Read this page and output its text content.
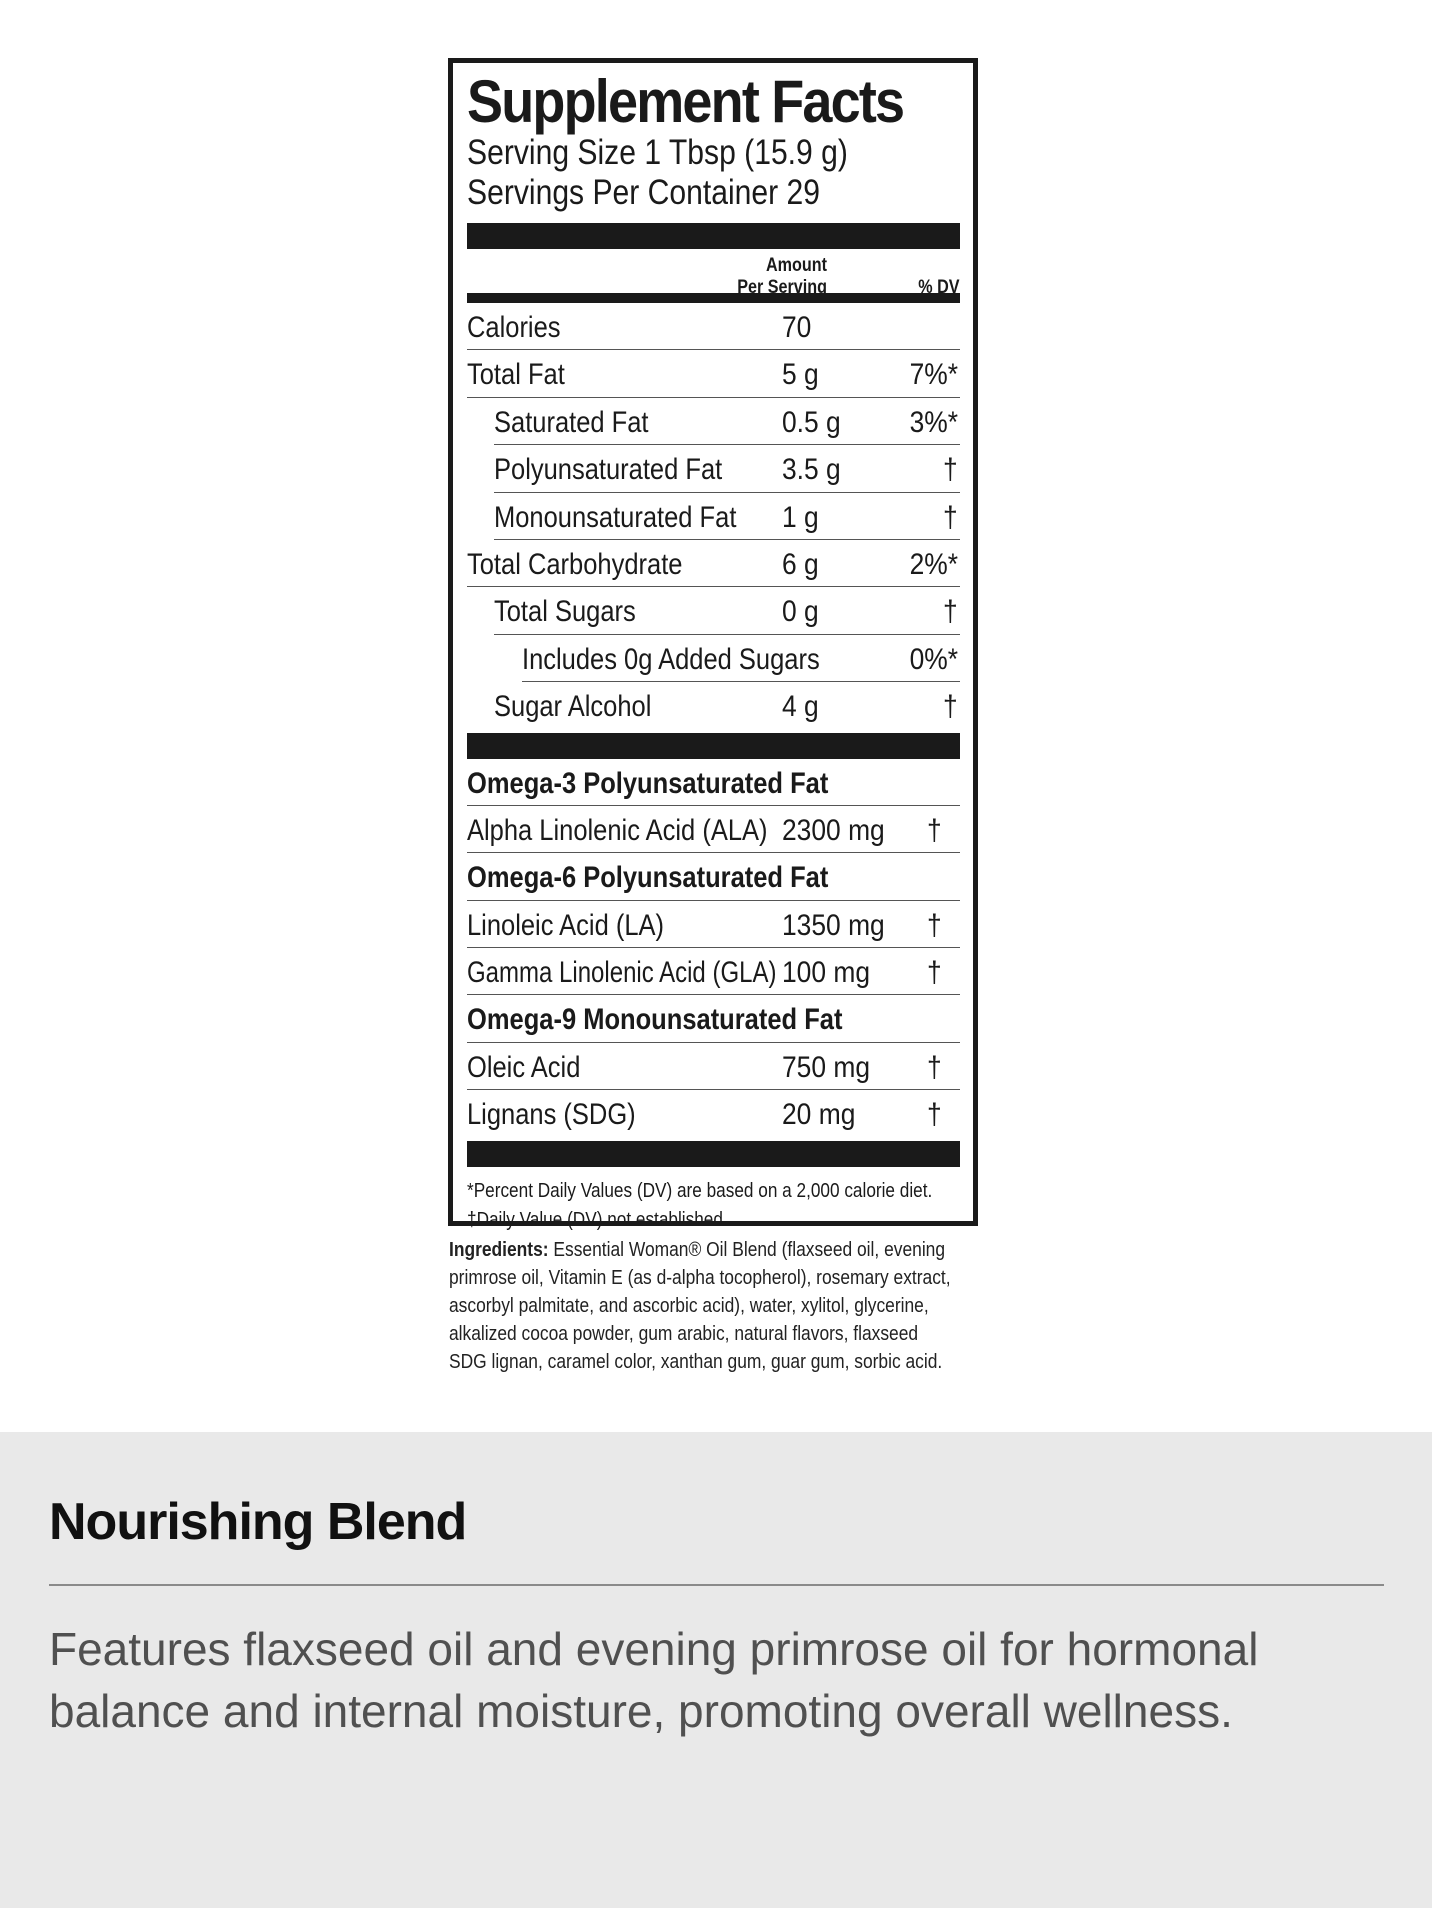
Supplement Facts
Serving Size 1 Tbsp (15.9 g)
Servings Per Container 29
Amount
Per Serving	% DV
Calories	70
Total Fat	5 g	7%*
Saturated Fat	0.5 g 3%*
Polyunsaturated Fat 3.5 g	†
Monounsaturated Fat 1 g	†
Total Carbohydrate	6 g	2%*
Total Sugars	0 g	†
Includes 0g Added Sugars	0%*
Sugar Alcohol	4 g	†
Omega-3 Polyunsaturated Fat
Alpha Linolenic Acid (ALA) 2300 mg †
Omega-6 Polyunsaturated Fat
Linoleic Acid (LA)	1350 mg †
Gamma Linolenic Acid (GLA) 100 mg †
Omega-9 Monounsaturated Fat
Oleic Acid	750 mg †
Lignans (SDG)	20 mg †
*Percent Daily Values (DV) are based on a 2,000 calorie diet.
†Daily Value (DV) not established.
Ingredients: Essential Woman® Oil Blend (flaxseed oil, evening
primrose oil, Vitamin E (as d-alpha tocopherol), rosemary extract,
ascorbyl palmitate, and ascorbic acid), water, xylitol, glycerine,
alkalized cocoa powder, gum arabic, natural flavors, flaxseed
SDG lignan, caramel color, xanthan gum, guar gum, sorbic acid.
Nourishing Blend
Features flaxseed oil and evening primrose oil for hormonal balance and internal moisture, promoting overall wellness.
